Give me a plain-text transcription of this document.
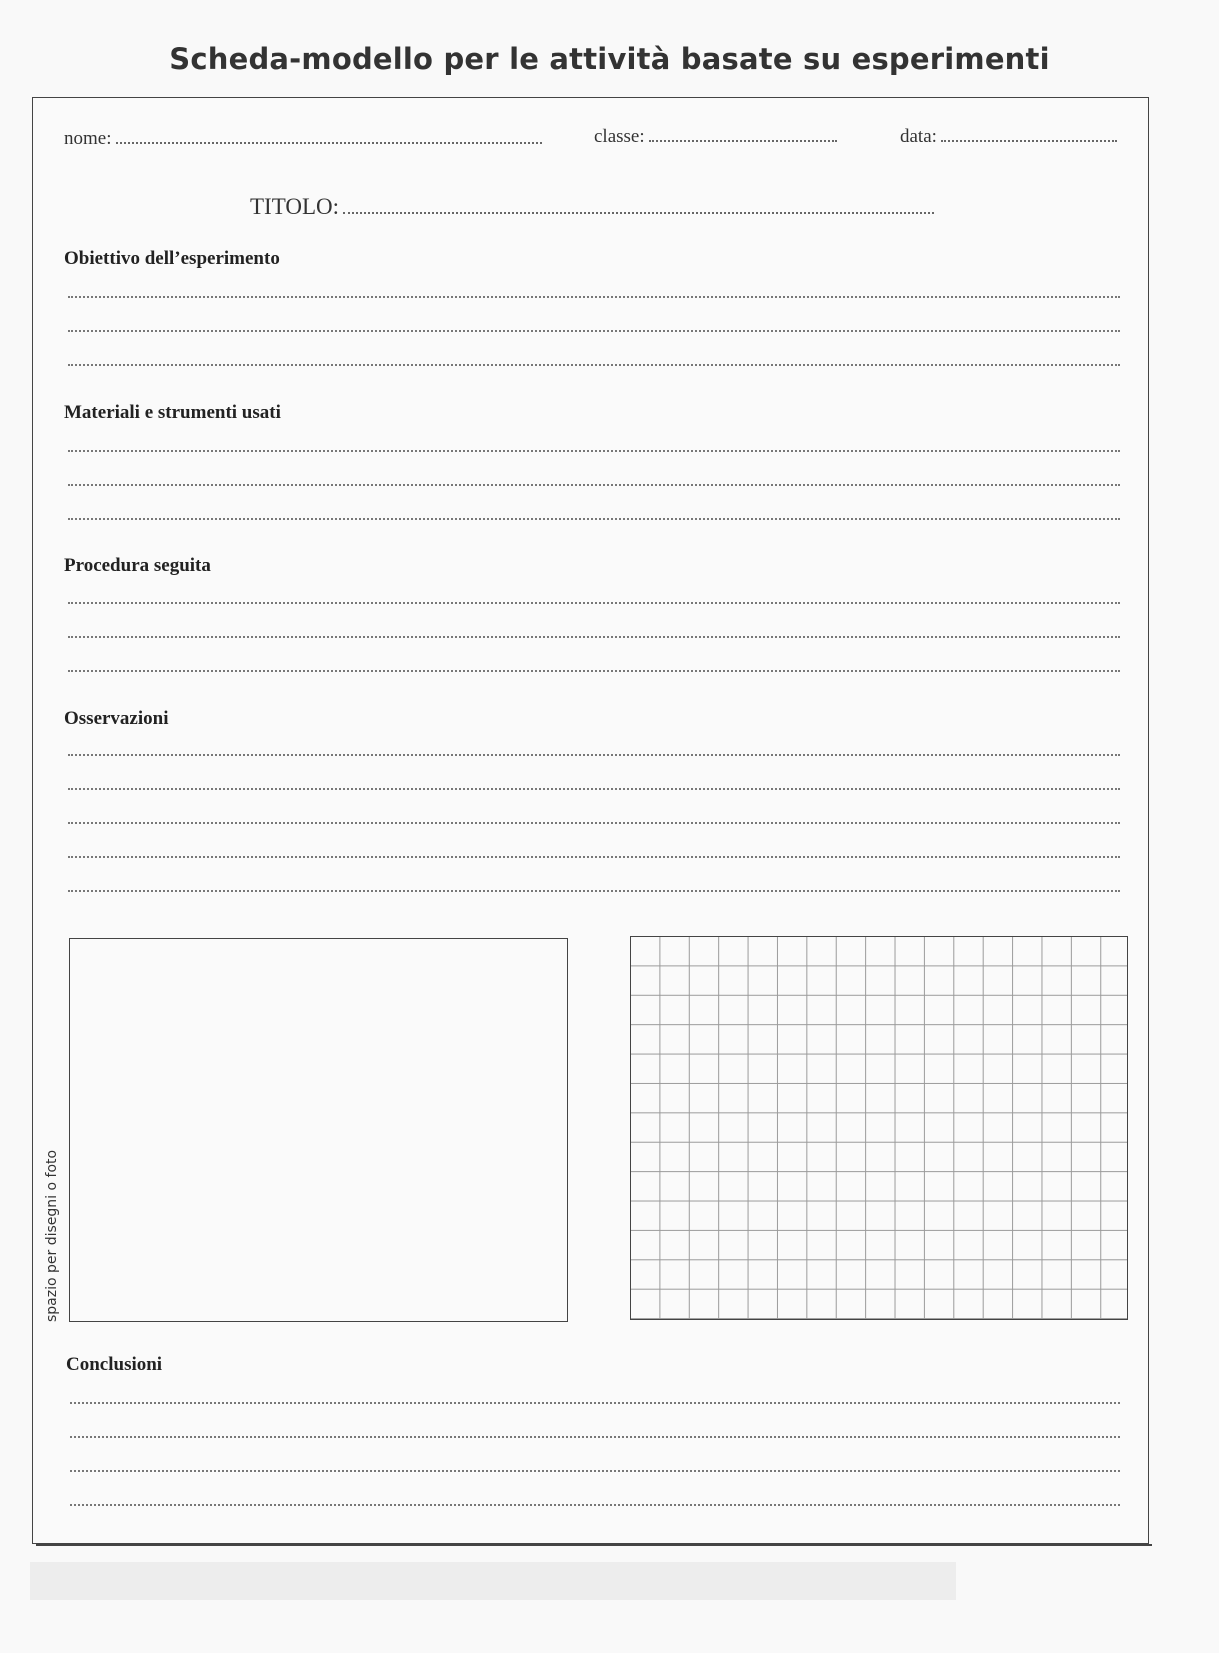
Scheda-modello per le attività basate su esperimenti
nome:	classe:	data:
TITOLO:
Obiettivo dell’esperimento
Materiali e strumenti usati
Procedura seguita
Osservazioni
spazio per disegni o foto
Conclusioni
